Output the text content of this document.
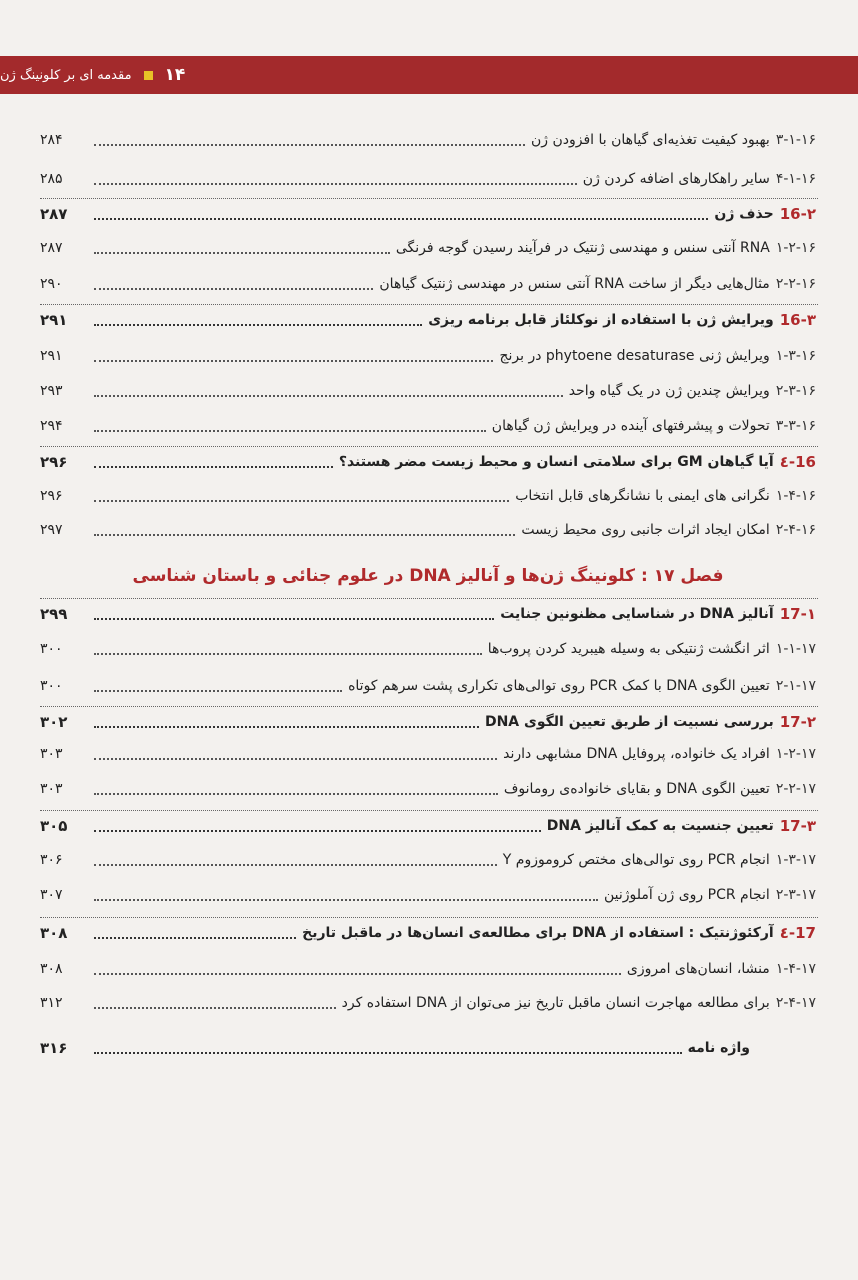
۱۴
مقدمه ای بر کلونینگ ژن
۳-۱-۱۶
بهبود کیفیت تغذیه‌ای گیاهان با افزودن ژن
۲۸۴
۴-۱-۱۶
سایر راهکارهای اضافه کردن ژن
۲۸۵
16-۲
حذف ژن
۲۸۷
۱-۲-۱۶
RNA آنتی سنس و مهندسی ژنتیک در فرآیند رسیدن گوجه فرنگی
۲۸۷
۲-۲-۱۶
مثال‌هایی دیگر از ساخت RNA آنتی سنس در مهندسی ژنتیک گیاهان
۲۹۰
16-۳
ویرایش ژن با استفاده از نوکلئاز قابل برنامه ریزی
۲۹۱
۱-۳-۱۶
ویرایش ژنی phytoene desaturase در برنج
۲۹۱
۲-۳-۱۶
ویرایش چندین ژن در یک گیاه واحد
۲۹۳
۳-۳-۱۶
تحولات و پیشرفتهای آینده در ویرایش ژن گیاهان
۲۹۴
16-٤
آیا گیاهان GM برای سلامتی انسان و محیط زیست مضر هستند؟
۲۹۶
۱-۴-۱۶
نگرانی های ایمنی با نشانگرهای قابل انتخاب
۲۹۶
۲-۴-۱۶
امکان ایجاد اثرات جانبی روی محیط زیست
۲۹۷
فصل ۱۷ : کلونینگ ژن‌ها و آنالیز DNA در علوم جنائی و باستان شناسی
17-۱
آنالیز DNA در شناسایی مظنونین جنایت
۲۹۹
۱-۱-۱۷
اثر انگشت ژنتیکی به وسیله هیبرید کردن پروب‌ها
۳۰۰
۲-۱-۱۷
تعیین الگوی DNA با کمک PCR روی توالی‌های تکراری پشت سرهم کوتاه
۳۰۰
17-۲
بررسی نسبیت از طریق تعیین الگوی DNA
۳۰۲
۱-۲-۱۷
افراد یک خانواده، پروفایل DNA مشابهی دارند
۳۰۳
۲-۲-۱۷
تعیین الگوی DNA و بقایای خانواده‌ی رومانوف
۳۰۳
17-۳
تعیین جنسیت به کمک آنالیز DNA
۳۰۵
۱-۳-۱۷
انجام PCR روی توالی‌های مختص کروموزوم Y
۳۰۶
۲-۳-۱۷
انجام PCR روی ژن آملوژنین
۳۰۷
17-٤
آرکئوژنتیک : استفاده از DNA برای مطالعه‌ی انسان‌ها در ماقبل تاریخ
۳۰۸
۱-۴-۱۷
منشا، انسان‌های امروزی
۳۰۸
۲-۴-۱۷
برای مطالعه مهاجرت انسان ماقبل تاریخ نیز می‌توان از DNA استفاده کرد
۳۱۲
واژه نامه
۳۱۶
